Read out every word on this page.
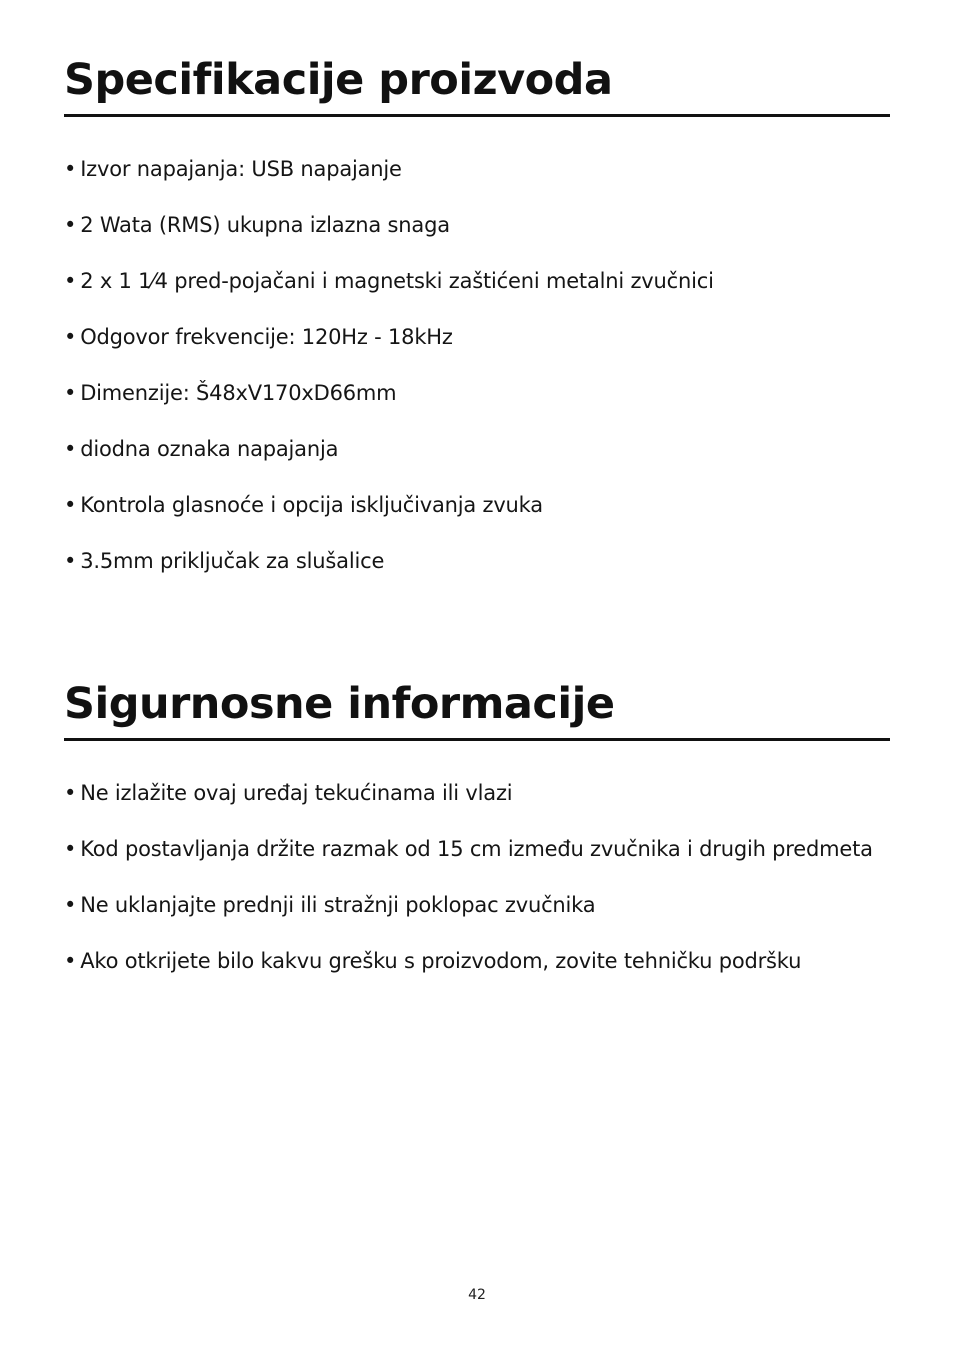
Specifikacije proizvoda
• Izvor napajanja: USB napajanje
• 2 Wata (RMS) ukupna izlazna snaga
• 2 x 1 1⁄4 pred-pojačani i magnetski zaštićeni metalni zvučnici
• Odgovor frekvencije: 120Hz - 18kHz
• Dimenzije: Š48xV170xD66mm
• diodna oznaka napajanja
• Kontrola glasnoće i opcija isključivanja zvuka
• 3.5mm priključak za slušalice
Sigurnosne informacije
• Ne izlažite ovaj uređaj tekućinama ili vlazi
• Kod postavljanja držite razmak od 15 cm između zvučnika i drugih predmeta
• Ne uklanjajte prednji ili stražnji poklopac zvučnika
• Ako otkrijete bilo kakvu grešku s proizvodom, zovite tehničku podršku
42
